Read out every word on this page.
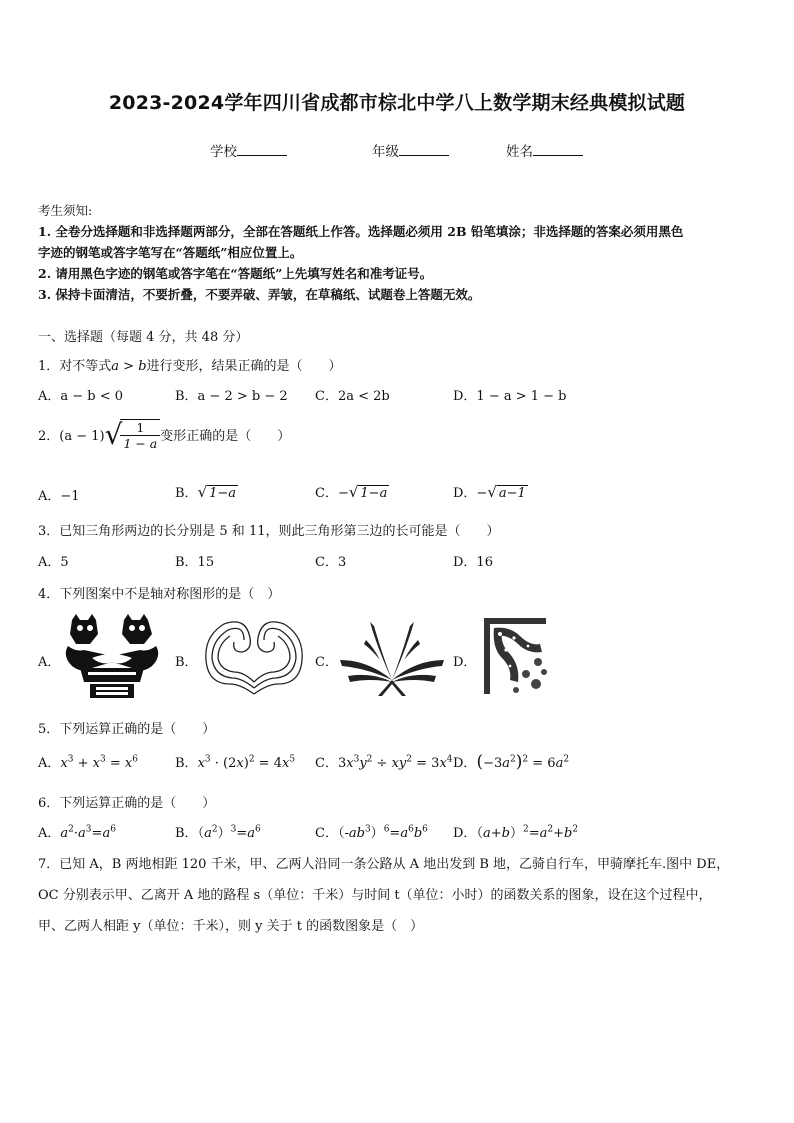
2023-2024学年四川省成都市棕北中学八上数学期末经典模拟试题
学校	年级	姓名
考生须知:
1. 全卷分选择题和非选择题两部分，全部在答题纸上作答。选择题必须用 2B 铅笔填涂；非选择题的答案必须用黑色
字迹的钢笔或答字笔写在“答题纸”相应位置上。
2. 请用黑色字迹的钢笔或答字笔在“答题纸”上先填写姓名和准考证号。
3. 保持卡面清洁，不要折叠，不要弄破、弄皱，在草稿纸、试题卷上答题无效。
一、选择题（每题 4 分，共 48 分）
1．对不等式a > b进行变形，结果正确的是（　　）
A．a − b < 0	B．a − 2 > b − 2 C．2a < 2b	D．1 − a > 1 − b
2．(a − 1)√
$\frac{1}{1 - a}$ 变形正确的是（　　）
A．−1	B．√ 1−a	C．−√ 1−a	D．−√ a−1
3．已知三角形两边的长分别是 5 和 11，则此三角形第三边的长可能是（　　）
A．5	B．15	C．3	D．16
4．下列图案中不是轴对称图形的是（　）
A．	B．	C．	D．
5．下列运算正确的是（　　）
A．$x^3 + x^3 = x^6$	B．$x^3 \cdot (2x)^2 = 4x^5$ C．$3x^3y^2 \div xy^2 = 3x^4$ D．$(-3a^2)^2 = 6a^2$
6．下列运算正确的是（　　）
A．$a^2\cdot a^3=a^6$	B．$(a^2)^3=a^6$	C．$(-ab^3)^6=a^6b^6$ D．$(a+b)^2=a^2+b^2$
7．已知 A，B 两地相距 120 千米，甲、乙两人沿同一条公路从 A 地出发到 B 地，乙骑自行车，甲骑摩托车.图中 DE，
OC 分别表示甲、乙离开 A 地的路程 s（单位：千米）与时间 t（单位：小时）的函数关系的图象，设在这个过程中，
甲、乙两人相距 y（单位：千米），则 y 关于 t 的函数图象是（　）
